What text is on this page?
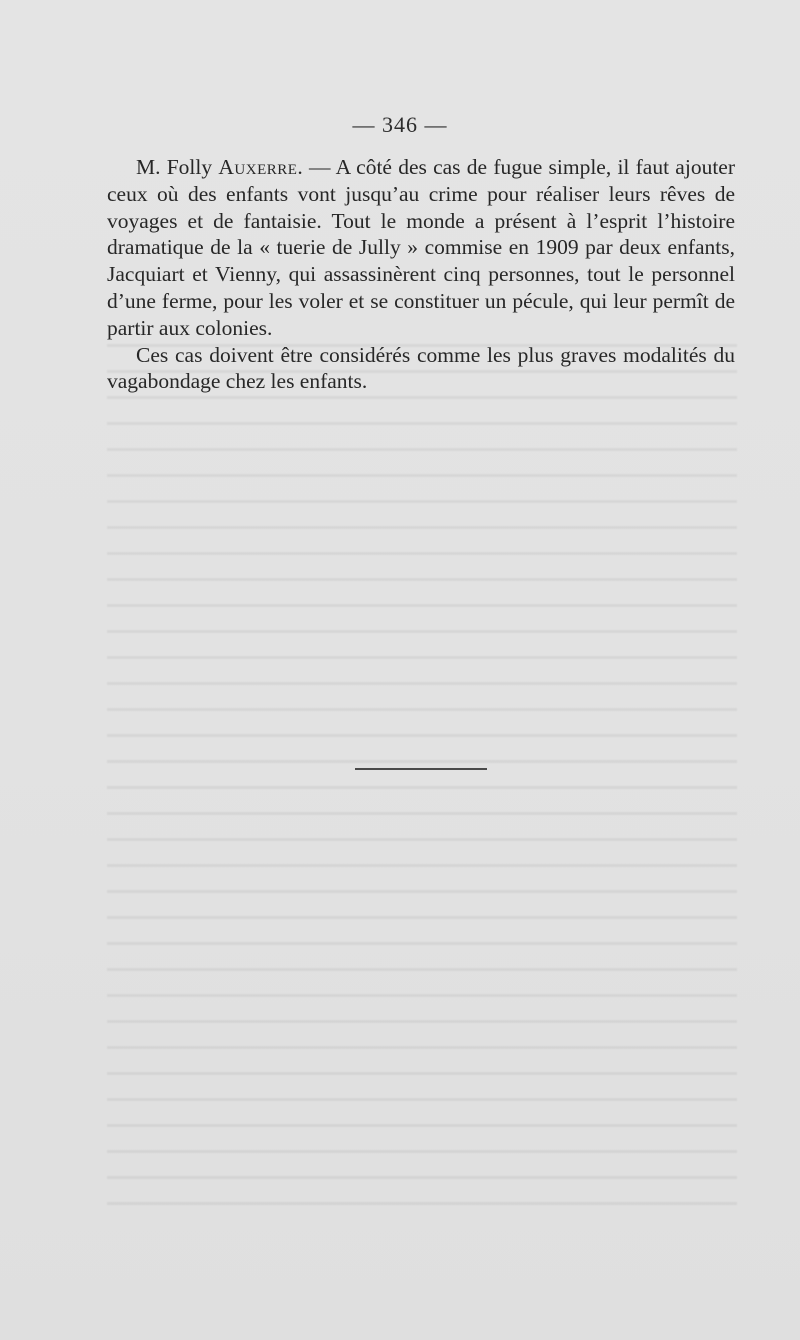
— 346 —

M. Folly Auxerre. — A côté des cas de fugue simple, il faut ajouter ceux où des enfants vont jusqu’au crime pour réaliser leurs rêves de voyages et de fantaisie. Tout le monde a présent à l’esprit l’histoire dramatique de la « tuerie de Jully » commise en 1909 par deux enfants, Jacquiart et Vienny, qui assassinèrent cinq personnes, tout le personnel d’une ferme, pour les voler et se constituer un pécule, qui leur permît de partir aux colonies.

Ces cas doivent être considérés comme les plus graves modalités du vagabondage chez les enfants.
